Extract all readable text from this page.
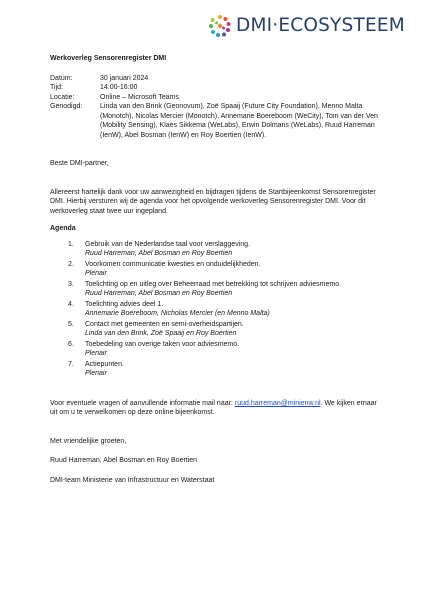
DMI·ECOSYSTEEM
Werkoverleg Sensorenregister DMI
Datum:	30 januari 2024
Tijd:	14:00-16:00
Locatie:	Online – Microsoft Teams
Genodigd:	Linda van den Brink (Geonovum), Zoë Spaaij (Future City Foundation), Menno Malta (Monotch), Nicolas Mercier (Monotch), Annemarie Boereboom (WeCity), Tom van der Ven (Mobility Sensing), Klaes Sikkema (WeLabs), Erwin Dolmans (WeLabs), Ruud Harreman (IenW), Abel Bosman (IenW) en Roy Boertien (IenW).

Beste DMI-partner,

Allereerst hartelijk dank voor uw aanwezigheid en bijdragen tijdens de Startbijeenkomst Sensorenregister DMI. Hierbij versturen wij de agenda voor het opvolgende werkoverleg Sensorenregister DMI. Voor dit werkoverleg staat twee uur ingepland.

Agenda
1. Gebruik van de Nederlandse taal voor verslaggeving.
Ruud Harreman, Abel Bosman en Roy Boertien
2. Voorkomen communicatie kwesties en onduidelijkheden.
Plenair
3. Toelichting op en uitleg over Beheerraad met betrekking tot schrijven adviesmemo.
Ruud Harreman, Abel Bosman en Roy Boertien
4. Toelichting advies deel 1.
Annemarie Boereboom, Nicholas Mercier (en Menno Malta)
5. Contact met gemeenten en semi-overheidspartijen.
Linda van den Brink, Zoë Spaaij en Roy Boertien
6. Toebedeling van overige taken voor adviesmemo.
Plenair
7. Actiepunten.
Plenair

Voor eventuele vragen of aanvullende informatie mail naar: ruud.harreman@minienw.nl. We kijken ernaar uit om u te verwelkomen op deze online bijeenkomst.

Met vriendelijke groeten,

Ruud Harreman, Abel Bosman en Roy Boertien

DMI-team Ministerie van Infrastructuur en Waterstaat
